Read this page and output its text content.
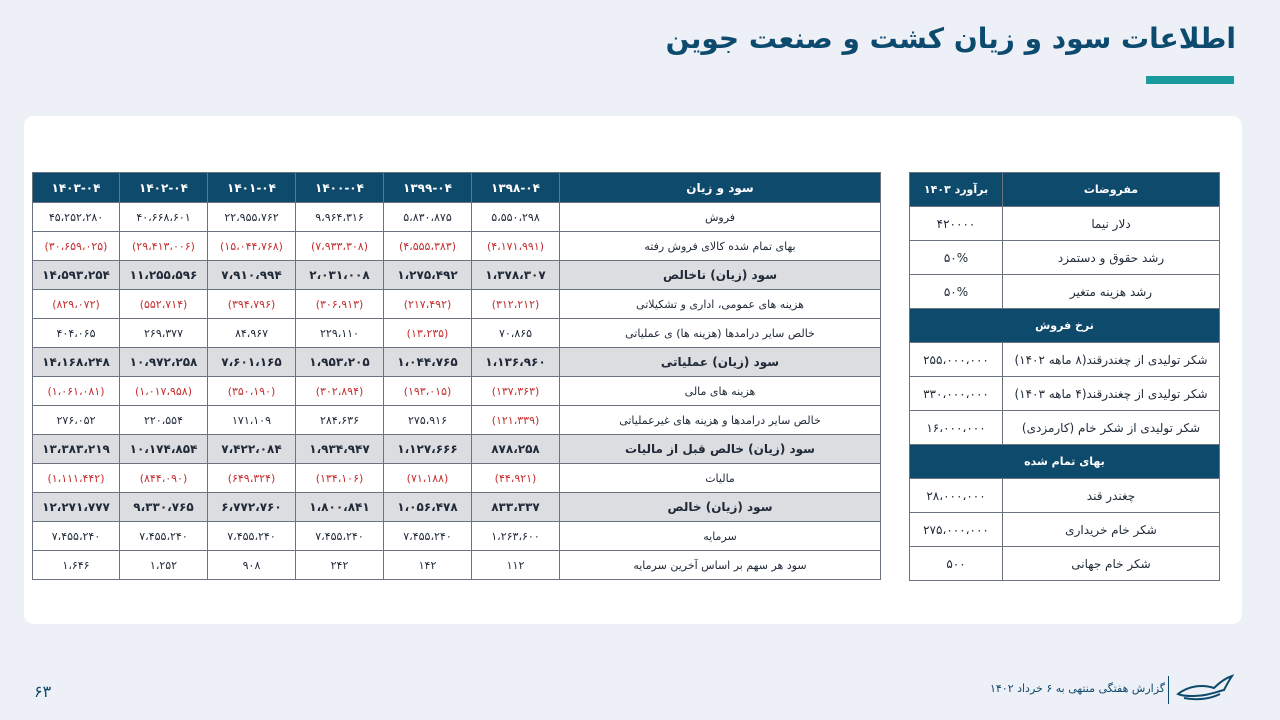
اطلاعات سود و زیان کشت و صنعت جوین
سود و زیان	۱۳۹۸-۰۴	۱۳۹۹-۰۴	۱۴۰۰-۰۴	۱۴۰۱-۰۴	۱۴۰۲-۰۴	۱۴۰۳-۰۴
فروش	۵،۵۵۰،۲۹۸	۵،۸۳۰،۸۷۵	۹،۹۶۴،۳۱۶	۲۲،۹۵۵،۷۶۲	۴۰،۶۶۸،۶۰۱	۴۵،۲۵۲،۲۸۰
بهای تمام شده کالای فروش رفته	(۴،۱۷۱،۹۹۱)	(۴،۵۵۵،۳۸۳)	(۷،۹۳۳،۳۰۸)	(۱۵،۰۴۴،۷۶۸)	(۲۹،۴۱۳،۰۰۶)	(۳۰،۶۵۹،۰۲۵)
سود (زیان) ناخالص	۱،۳۷۸،۳۰۷	۱،۲۷۵،۴۹۲	۲،۰۳۱،۰۰۸	۷،۹۱۰،۹۹۴	۱۱،۲۵۵،۵۹۶	۱۴،۵۹۳،۲۵۴
هزینه های عمومی، اداری و تشکیلاتی	(۳۱۲،۲۱۲)	(۲۱۷،۴۹۲)	(۳۰۶،۹۱۳)	(۳۹۴،۷۹۶)	(۵۵۲،۷۱۴)	(۸۲۹،۰۷۲)
خالص سایر درامدها (هزینه ها) ی عملیاتی	۷۰،۸۶۵	(۱۳،۲۳۵)	۲۲۹،۱۱۰	۸۴،۹۶۷	۲۶۹،۳۷۷	۴۰۴،۰۶۵
سود (زیان) عملیاتی	۱،۱۳۶،۹۶۰	۱،۰۴۴،۷۶۵	۱،۹۵۳،۲۰۵	۷،۶۰۱،۱۶۵	۱۰،۹۷۲،۲۵۸	۱۴،۱۶۸،۲۴۸
هزینه های مالی	(۱۳۷،۳۶۳)	(۱۹۳،۰۱۵)	(۳۰۲،۸۹۴)	(۳۵۰،۱۹۰)	(۱،۰۱۷،۹۵۸)	(۱،۰۶۱،۰۸۱)
خالص سایر درامدها و هزینه های غیرعملیاتی	(۱۲۱،۳۳۹)	۲۷۵،۹۱۶	۲۸۴،۶۳۶	۱۷۱،۱۰۹	۲۲۰،۵۵۴	۲۷۶،۰۵۲
سود (زیان) خالص قبل از مالیات	۸۷۸،۲۵۸	۱،۱۲۷،۶۶۶	۱،۹۳۴،۹۴۷	۷،۴۲۲،۰۸۴	۱۰،۱۷۴،۸۵۴	۱۳،۳۸۳،۲۱۹
مالیات	(۴۴،۹۲۱)	(۷۱،۱۸۸)	(۱۳۴،۱۰۶)	(۶۴۹،۳۲۴)	(۸۴۴،۰۹۰)	(۱،۱۱۱،۴۴۲)
سود (زیان) خالص	۸۳۳،۳۳۷	۱،۰۵۶،۴۷۸	۱،۸۰۰،۸۴۱	۶،۷۷۲،۷۶۰	۹،۳۳۰،۷۶۵	۱۲،۲۷۱،۷۷۷
سرمایه	۱،۲۶۳،۶۰۰	۷،۴۵۵،۲۴۰	۷،۴۵۵،۲۴۰	۷،۴۵۵،۲۴۰	۷،۴۵۵،۲۴۰	۷،۴۵۵،۲۴۰
سود هر سهم بر اساس آخرین سرمایه	۱۱۲	۱۴۲	۲۴۲	۹۰۸	۱،۲۵۲	۱،۶۴۶
مفروضات	برآورد ۱۴۰۳
دلار نیما	۴۲۰۰۰۰
رشد حقوق و دستمزد	۵۰%
رشد هزینه متغیر	۵۰%
نرخ فروش	
شکر تولیدی از چغندرقند(۸ ماهه ۱۴۰۲)	۲۵۵،۰۰۰،۰۰۰
شکر تولیدی از چغندرقند(۴ ماهه ۱۴۰۳)	۳۳۰،۰۰۰،۰۰۰
شکر تولیدی از شکر خام (کارمزدی)	۱۶،۰۰۰،۰۰۰
بهای تمام شده	
چغندر قند	۲۸،۰۰۰،۰۰۰
شکر خام خریداری	۲۷۵،۰۰۰،۰۰۰
شکر خام جهانی	۵۰۰
۶۳	گزارش هفتگی منتهی به ۶ خرداد ۱۴۰۲
